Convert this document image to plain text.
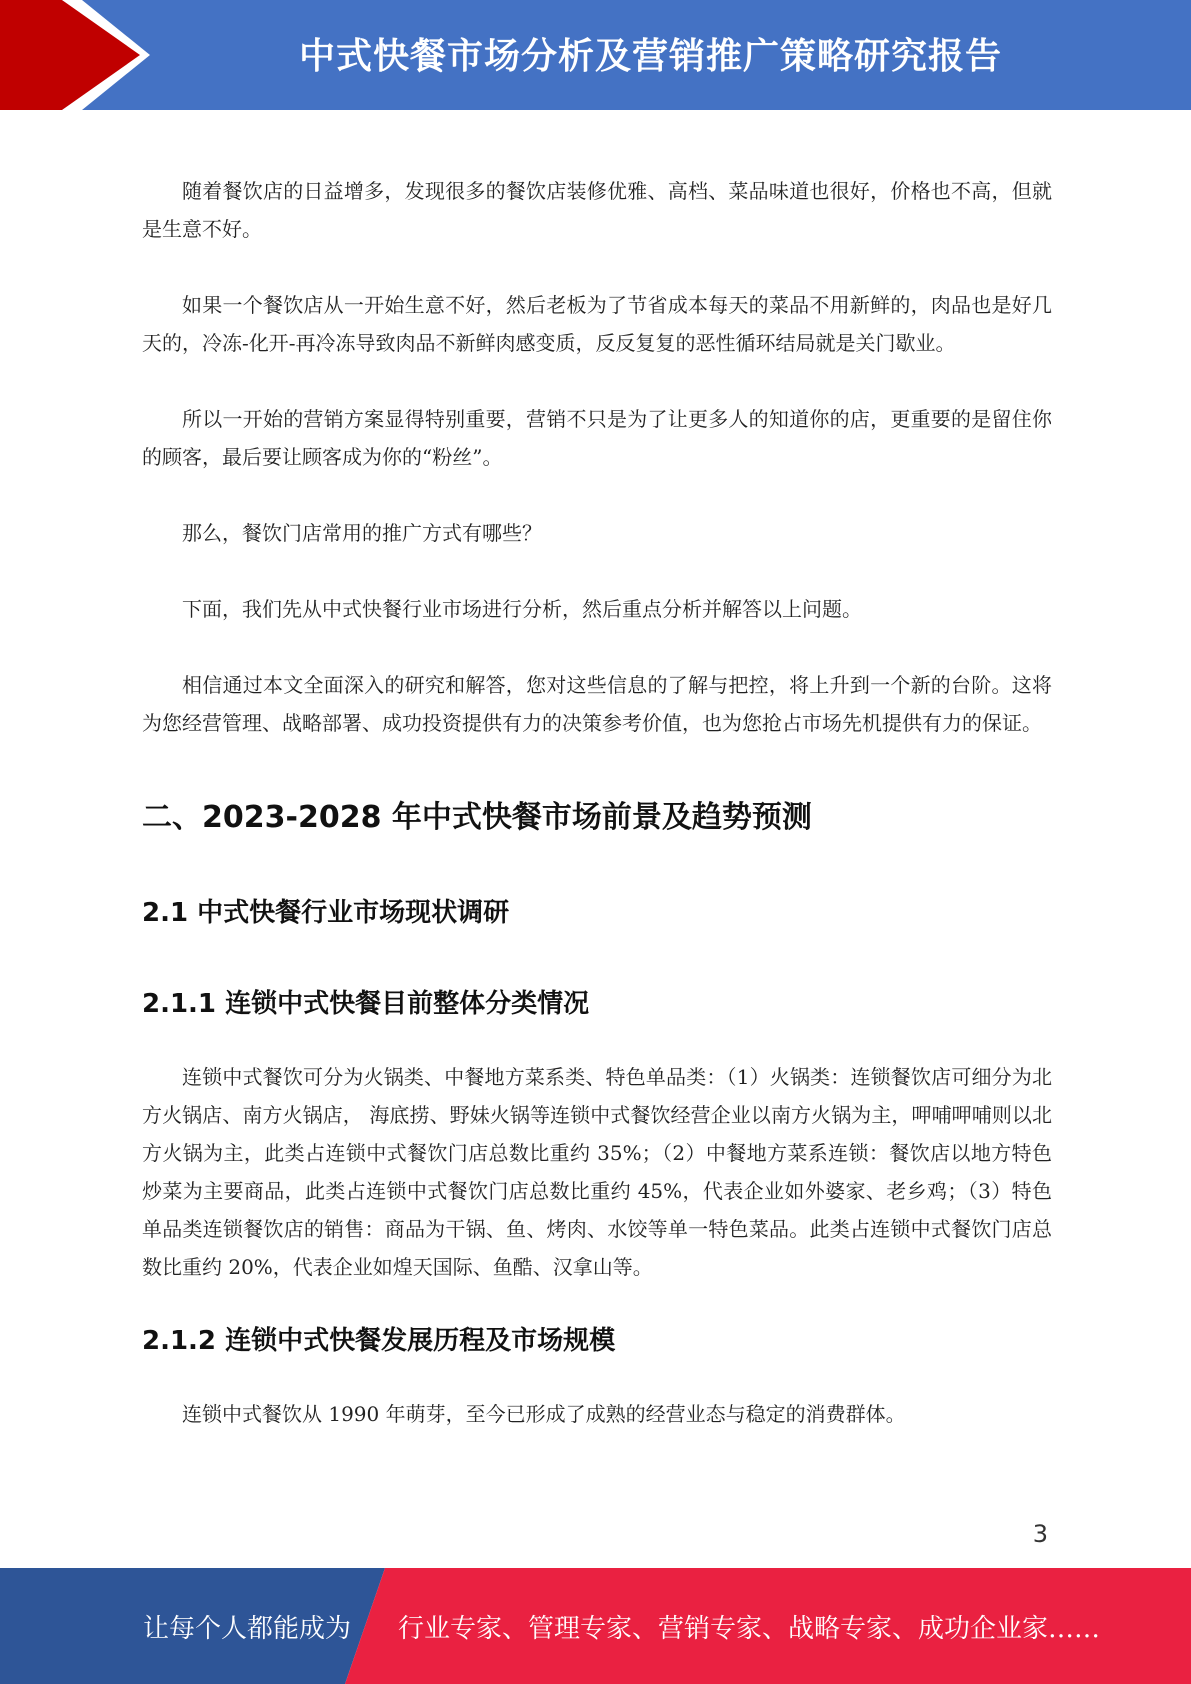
中式快餐市场分析及营销推广策略研究报告

随着餐饮店的日益增多，发现很多的餐饮店装修优雅、高档、菜品味道也很好，价格也不高，但就是生意不好。

如果一个餐饮店从一开始生意不好，然后老板为了节省成本每天的菜品不用新鲜的，肉品也是好几天的，冷冻-化开-再冷冻导致肉品不新鲜肉感变质，反反复复的恶性循环结局就是关门歇业。

所以一开始的营销方案显得特别重要，营销不只是为了让更多人的知道你的店，更重要的是留住你的顾客，最后要让顾客成为你的“粉丝”。

那么，餐饮门店常用的推广方式有哪些？

下面，我们先从中式快餐行业市场进行分析，然后重点分析并解答以上问题。

相信通过本文全面深入的研究和解答，您对这些信息的了解与把控，将上升到一个新的台阶。这将为您经营管理、战略部署、成功投资提供有力的决策参考价值，也为您抢占市场先机提供有力的保证。

二、2023-2028 年中式快餐市场前景及趋势预测
2.1 中式快餐行业市场现状调研
2.1.1 连锁中式快餐目前整体分类情况

连锁中式餐饮可分为火锅类、中餐地方菜系类、特色单品类：（1）火锅类：连锁餐饮店可细分为北方火锅店、南方火锅店， 海底捞、野妹火锅等连锁中式餐饮经营企业以南方火锅为主，呷哺呷哺则以北方火锅为主，此类占连锁中式餐饮门店总数比重约 35%；（2）中餐地方菜系连锁：餐饮店以地方特色炒菜为主要商品，此类占连锁中式餐饮门店总数比重约 45%，代表企业如外婆家、老乡鸡；（3）特色单品类连锁餐饮店的销售：商品为干锅、鱼、烤肉、水饺等单一特色菜品。此类占连锁中式餐饮门店总数比重约 20%，代表企业如煌天国际、鱼酷、汉拿山等。

2.1.2 连锁中式快餐发展历程及市场规模

连锁中式餐饮从 1990 年萌芽，至今已形成了成熟的经营业态与稳定的消费群体。

3
让每个人都能成为 行业专家、管理专家、营销专家、战略专家、成功企业家……
